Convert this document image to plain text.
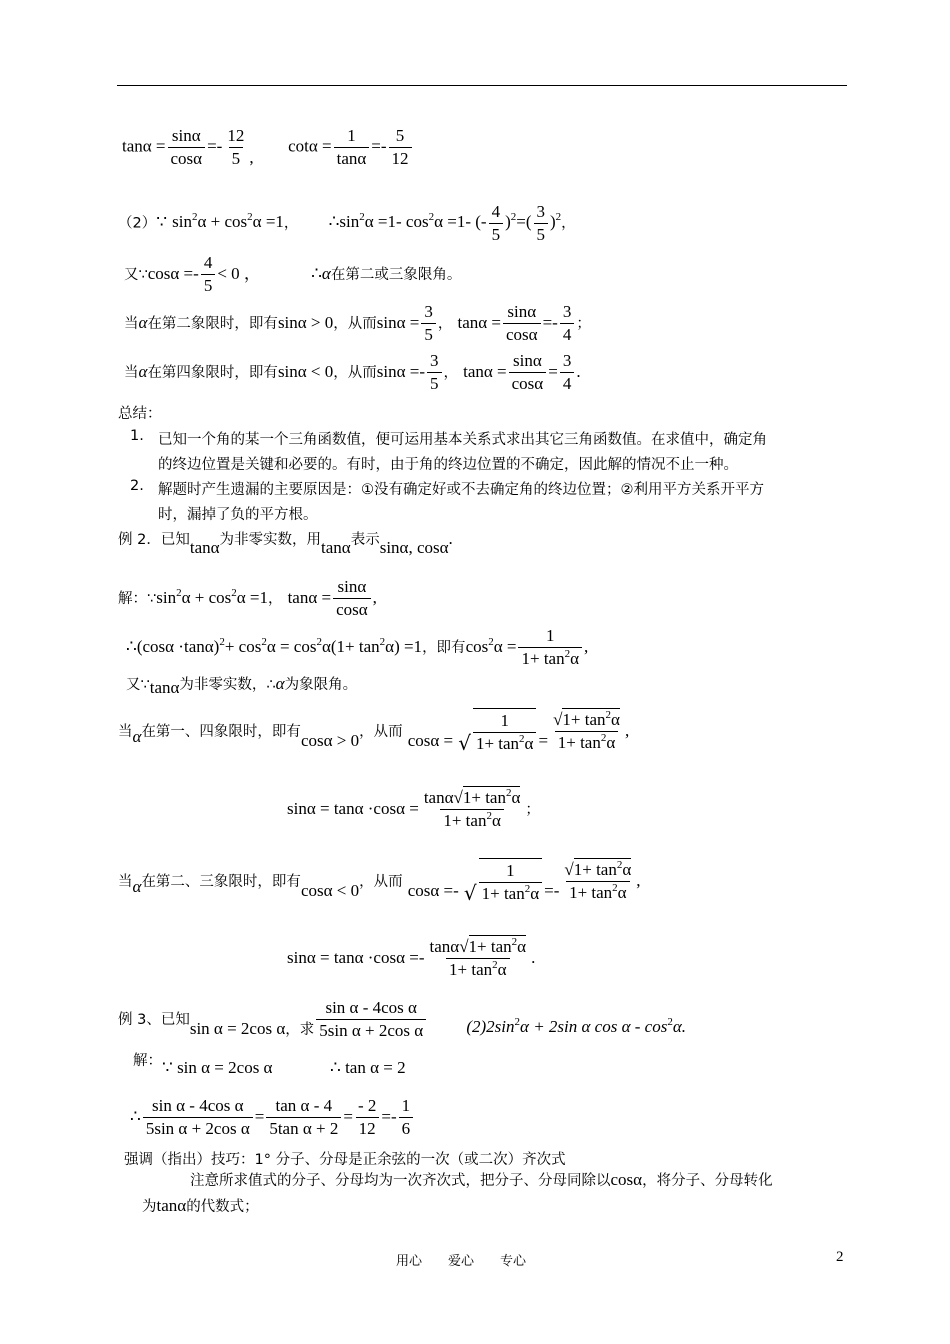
$\tan\alpha = \frac{\sin\alpha}{\cos\alpha} =- \frac{12}{5}$ ,  $\cot\alpha = \frac{1}{\tan\alpha} =- \frac{5}{12}$
（2）∵ $\sin^2\alpha + \cos^2\alpha =1$， $\therefore\sin^2\alpha =1-$ $\cos^2\alpha =1-$ (- $\frac{4}{5} )^2=( \frac{3}{5} )^2$，
又∵cosα =- $\frac{4}{5} < 0$ ，	∴α在第二或三象限角。
当α在第二象限时，即有sinα > 0，从而$\sin\alpha = \frac{3}{5}$ ， $\tan\alpha = \frac{\sin\alpha}{\cos\alpha} =- \frac{3}{4}$ ；
当α在第四象限时，即有sinα < 0，从而$\sin\alpha =- \frac{3}{5}$ ， $\tan\alpha = \frac{\sin\alpha}{\cos\alpha} = \frac{3}{4}$ .
总结：
1. 已知一个角的某一个三角函数值，便可运用基本关系式求出其它三角函数值。在求值中，确定角
的终边位置是关键和必要的。有时，由于角的终边位置的不确定，因此解的情况不止一种。
2. 解题时产生遗漏的主要原因是：①没有确定好或不去确定角的终边位置；②利用平方关系开平方
时，漏掉了负的平方根。
例 2．已知tanα为非零实数，用tanα表示sinα, cosα.
解：$\because\sin^2\alpha + \cos^2\alpha =1$， $\tan\alpha = \frac{\sin\alpha}{\cos\alpha}$ ,
∴(cosα $\cdot\tan\alpha)^2+ \cos^2\alpha = \cos^2\alpha(1+ \tan^2\alpha) =1$，即有$\cos^2\alpha = \frac{1}{1+ \tan^2\alpha}$ ,
又∵tanα为非零实数，∴α为象限角。
当α在第一、四象限时，即有cosα > 0，从而 cosα = √ $\frac{1}{1+ \tan^2\alpha} = \frac{√1+ \tan^2\alpha}{1+ \tan^2\alpha}$ ,
$\sin\alpha = \tan\alpha \cdot\cos\alpha = \frac{\tan\alpha√1+ \tan^2\alpha}{1+ \tan^2\alpha}$ ；
当α在第二、三象限时，即有cosα < 0，从而 cosα =- √ $\frac{1}{1+ \tan^2\alpha} =- \frac{√1+ \tan^2\alpha}{1+ \tan^2\alpha}$ ,
$\sin\alpha = \tan\alpha \cdot\cos\alpha =- \frac{\tan\alpha√1+ \tan^2\alpha}{1+ \tan^2\alpha}$ .
例 3、已知sin α = 2cos α，求 $\frac{\text{sin α - 4cos α}}{\text{5sin α + 2cos α}} (2)2\sin^2\alpha + 2\sin$ α cos α - $\cos^2\alpha$.
解： ∵ sin α = 2cos α	∴ tan α = 2
∴ $\frac{\text{sin α - 4cos α}}{\text{5sin α + 2cos α}} = \frac{\text{tan α - 4}}{\text{5tan α + 2}} = \frac{- 2}{12} =- \frac{1}{6}$
强调（指出）技巧：1° 分子、分母是正余弦的一次（或二次）齐次式
注意所求值式的分子、分母均为一次齐次式，把分子、分母同除以cosα，将分子、分母转化
为tanα的代数式；
用心　　爱心　　专心	2
